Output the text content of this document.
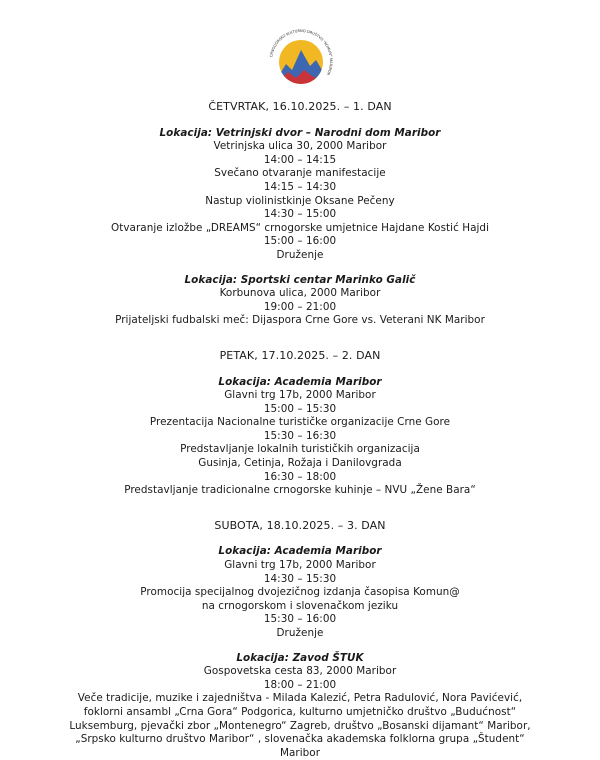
CRNOGORSKO KULTURNO DRUŠTVO "KOMUN" MARIBOR
ČETVRTAK, 16.10.2025. – 1. DAN
Lokacija: Vetrinjski dvor – Narodni dom Maribor
Vetrinjska ulica 30, 2000 Maribor
14:00 – 14:15
Svečano otvaranje manifestacije
14:15 – 14:30
Nastup violinistkinje Oksane Pečeny
14:30 – 15:00
Otvaranje izložbe „DREAMS“ crnogorske umjetnice Hajdane Kostić Hajdi
15:00 – 16:00
Druženje
Lokacija: Sportski centar Marinko Galič
Korbunova ulica, 2000 Maribor
19:00 – 21:00
Prijateljski fudbalski meč: Dijaspora Crne Gore vs. Veterani NK Maribor
PETAK, 17.10.2025. – 2. DAN
Lokacija: Academia Maribor
Glavni trg 17b, 2000 Maribor
15:00 – 15:30
Prezentacija Nacionalne turističke organizacije Crne Gore
15:30 – 16:30
Predstavljanje lokalnih turističkih organizacija
Gusinja, Cetinja, Rožaja i Danilovgrada
16:30 – 18:00
Predstavljanje tradicionalne crnogorske kuhinje – NVU „Žene Bara“
SUBOTA, 18.10.2025. – 3. DAN
Lokacija: Academia Maribor
Glavni trg 17b, 2000 Maribor
14:30 – 15:30
Promocija specijalnog dvojezičnog izdanja časopisa Komun@
na crnogorskom i slovenačkom jeziku
15:30 – 16:00
Druženje
Lokacija: Zavod ŠTUK
Gospovetska cesta 83, 2000 Maribor
18:00 – 21:00
Veče tradicije, muzike i zajedništva - Milada Kalezić, Petra Radulović, Nora Pavićević,
foklorni ansambl „Crna Gora“ Podgorica, kulturno umjetničko društvo „Budućnost“
Luksemburg, pjevački zbor „Montenegro“ Zagreb, društvo „Bosanski dijamant“ Maribor,
„Srpsko kulturno društvo Maribor“ , slovenačka akademska folklorna grupa „Študent“
Maribor
